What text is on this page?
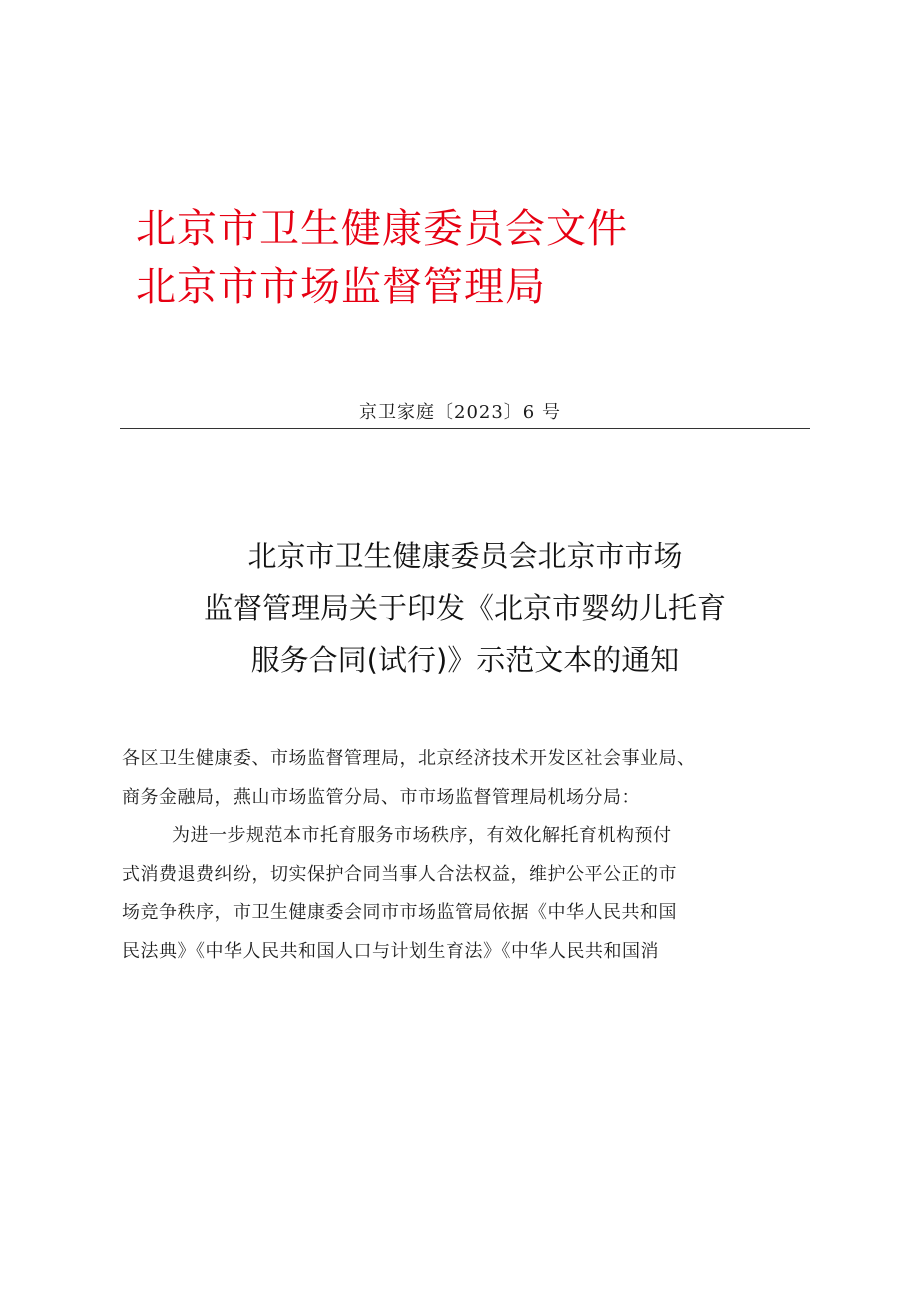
北京市卫生健康委员会文件
北京市市场监督管理局
京卫家庭〔2023〕6 号
北京市卫生健康委员会北京市市场
监督管理局关于印发《北京市婴幼儿托育
服务合同(试行)》示范文本的通知
各区卫生健康委、市场监督管理局，北京经济技术开发区社会事业局、
商务金融局，燕山市场监管分局、市市场监督管理局机场分局：
为进一步规范本市托育服务市场秩序，有效化解托育机构预付
式消费退费纠纷，切实保护合同当事人合法权益，维护公平公正的市
场竞争秩序，市卫生健康委会同市市场监管局依据《中华人民共和国
民法典》《中华人民共和国人口与计划生育法》《中华人民共和国消
